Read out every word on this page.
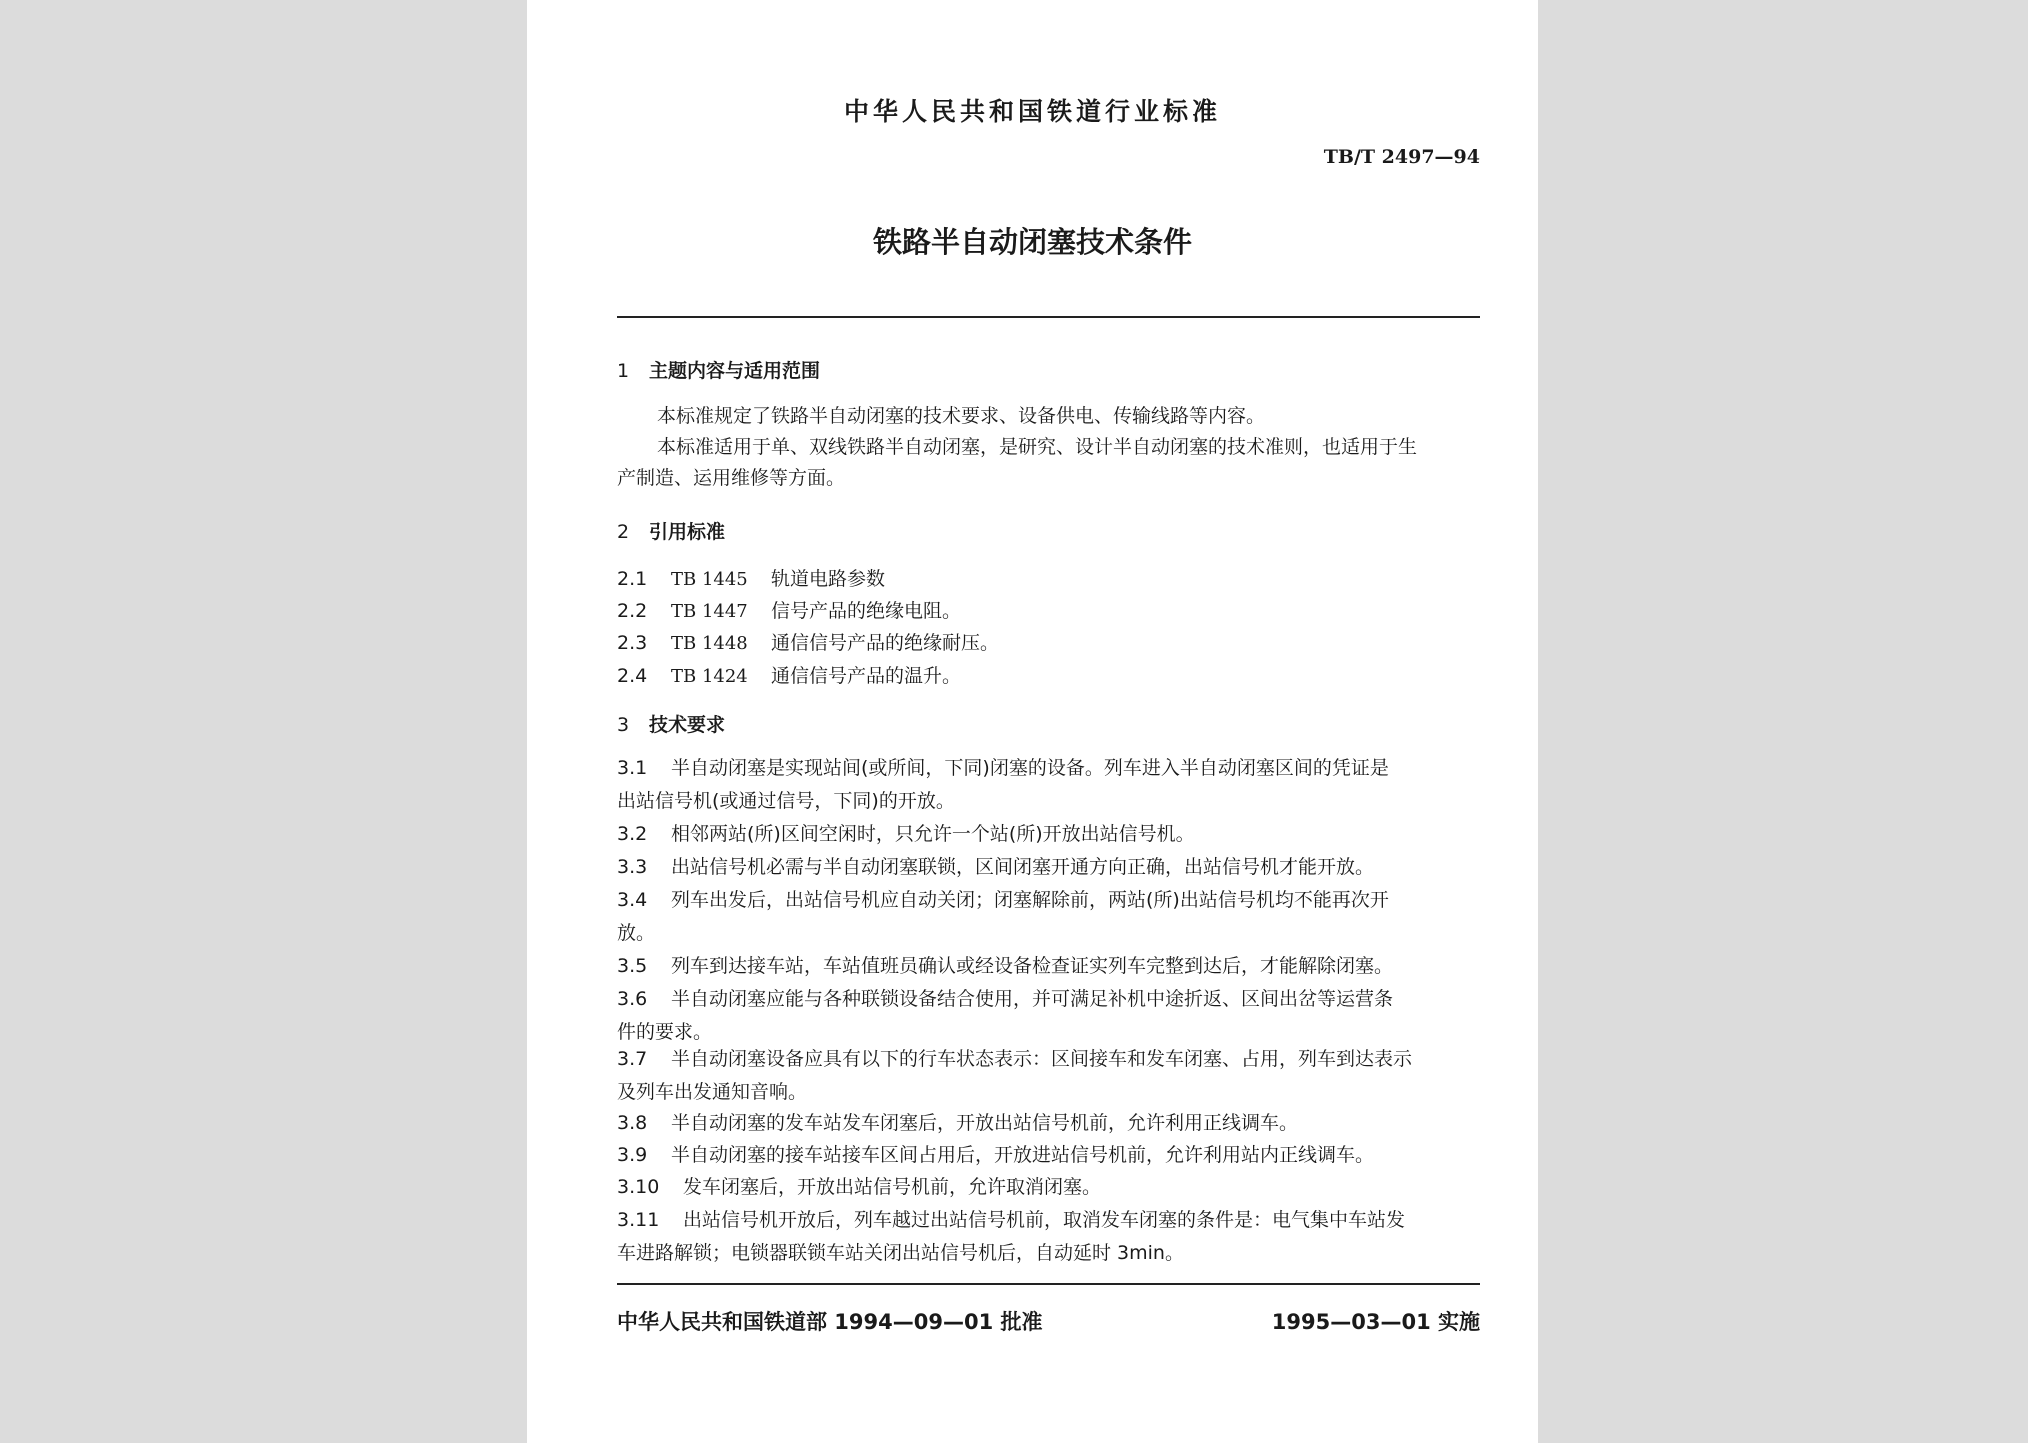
中华人民共和国铁道行业标准
TB/T 2497—94
铁路半自动闭塞技术条件
1 主题内容与适用范围
本标准规定了铁路半自动闭塞的技术要求、设备供电、传输线路等内容。
本标准适用于单、双线铁路半自动闭塞，是研究、设计半自动闭塞的技术准则，也适用于生
产制造、运用维修等方面。
2 引用标准
2.1 TB 1445 轨道电路参数
2.2 TB 1447 信号产品的绝缘电阻。
2.3 TB 1448 通信信号产品的绝缘耐压。
2.4 TB 1424 通信信号产品的温升。
3 技术要求
3.1 半自动闭塞是实现站间(或所间，下同)闭塞的设备。列车进入半自动闭塞区间的凭证是
出站信号机(或通过信号，下同)的开放。
3.2 相邻两站(所)区间空闲时，只允许一个站(所)开放出站信号机。
3.3 出站信号机必需与半自动闭塞联锁，区间闭塞开通方向正确，出站信号机才能开放。
3.4 列车出发后，出站信号机应自动关闭；闭塞解除前，两站(所)出站信号机均不能再次开
放。
3.5 列车到达接车站，车站值班员确认或经设备检查证实列车完整到达后，才能解除闭塞。
3.6 半自动闭塞应能与各种联锁设备结合使用，并可满足补机中途折返、区间出岔等运营条
件的要求。
3.7 半自动闭塞设备应具有以下的行车状态表示：区间接车和发车闭塞、占用，列车到达表示
及列车出发通知音响。
3.8 半自动闭塞的发车站发车闭塞后，开放出站信号机前，允许利用正线调车。
3.9 半自动闭塞的接车站接车区间占用后，开放进站信号机前，允许利用站内正线调车。
3.10 发车闭塞后，开放出站信号机前，允许取消闭塞。
3.11 出站信号机开放后，列车越过出站信号机前，取消发车闭塞的条件是：电气集中车站发
车进路解锁；电锁器联锁车站关闭出站信号机后，自动延时 3min。
中华人民共和国铁道部 1994—09—01 批准	1995—03—01 实施
